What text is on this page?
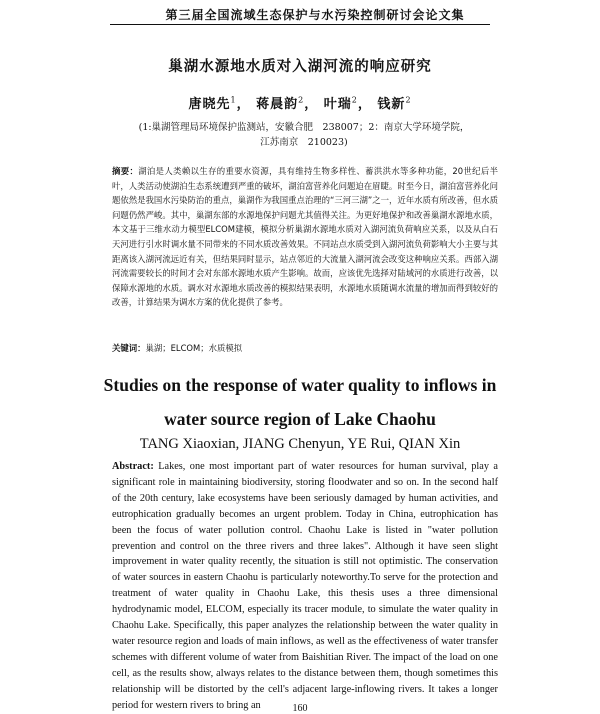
第三届全国流域生态保护与水污染控制研讨会论文集
巢湖水源地水质对入湖河流的响应研究
唐晓先$^1$， 蒋晨韵$^2$， 叶瑞$^2$， 钱新$^2$
(1:巢湖管理局环境保护监测站，安徽合肥　238007；2：南京大学环境学院，江苏南京　210023)
摘要：湖泊是人类赖以生存的重要水资源，具有维持生物多样性、蓄洪洪水等多种功能，20世纪后半叶，人类活动使湖泊生态系统遭到严重的破坏，湖泊富营养化问题迫在眉睫。时至今日，湖泊富营养化问题依然是我国水污染防治的重点，巢湖作为我国重点治理的“三河三湖”之一，近年水质有所改善，但水质问题仍然严峻。其中，巢湖东部的水源地保护问题尤其值得关注。为更好地保护和改善巢湖水源地水质，本文基于三维水动力模型ELCOM建模，模拟分析巢湖水源地水质对入湖河流负荷响应关系，以及从白石天河进行引水时调水量不同带来的不同水质改善效果。不同站点水质受到入湖河流负荷影响大小主要与其距离该入湖河流远近有关，但结果同时显示，站点邻近的大流量入湖河流会改变这种响应关系。西部入湖河流需要较长的时间才会对东部水源地水质产生影响。故而，应该优先选择对陆域河的水质进行改善，以保障水源地的水质。调水对水源地水质改善的模拟结果表明，水源地水质随调水流量的增加而得到较好的改善，计算结果为调水方案的优化提供了参考。
关键词：巢湖；ELCOM；水质模拟
Studies on the response of water quality to inflows in
water source region of Lake Chaohu
TANG Xiaoxian, JIANG Chenyun, YE Rui, QIAN Xin
Abstract: Lakes, one most important part of water resources for human survival, play a significant role in maintaining biodiversity, storing floodwater and so on. In the second half of the 20th century, lake ecosystems have been seriously damaged by human activities, and eutrophication gradually becomes an urgent problem. Today in China, eutrophication has been the focus of water pollution control. Chaohu Lake is listed in "water pollution prevention and control on the three rivers and three lakes". Although it have seen slight improvement in water quality recently, the situation is still not optimistic. The conservation of water sources in eastern Chaohu is particularly noteworthy.To serve for the protection and treatment of water quality in Chaohu Lake, this thesis uses a three dimensional hydrodynamic model, ELCOM, especially its tracer module, to simulate the water quality in Chaohu Lake. Specifically, this paper analyzes the relationship between the water quality in water resource region and loads of main inflows, as well as the effectiveness of water transfer schemes with different volume of water from Baishitian River. The impact of the load on one cell, as the results show, always relates to the distance between them, though sometimes this relationship will be distorted by the cell's adjacent large-inflowing rivers. It takes a longer period for western rivers to bring an	160
